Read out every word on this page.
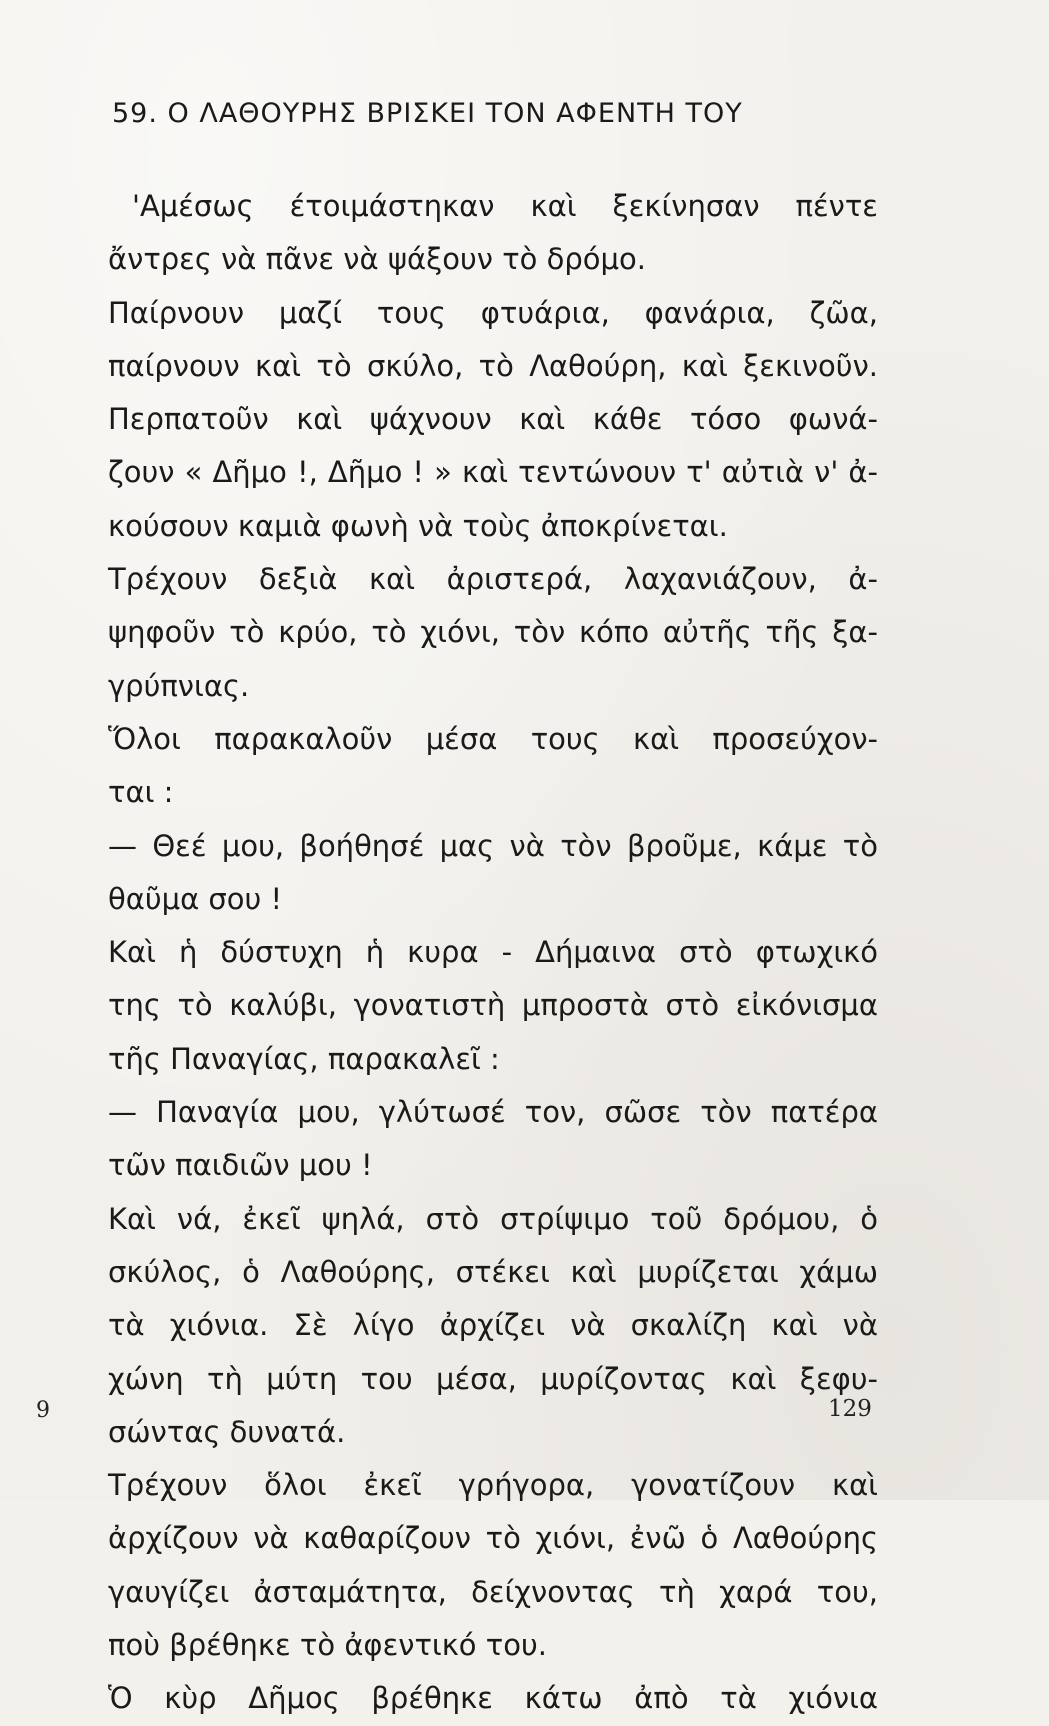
59. Ο ΛΑΘΟΥΡΗΣ ΒΡΙΣΚΕΙ ΤΟΝ ΑΦΕΝΤΗ ΤΟΥ
'Αμέσως έτοιμάστηκαν καὶ ξεκίνησαν πέντε
ἄντρες νὰ πᾶνε νὰ ψάξουν τὸ δρόμο.
Παίρνουν μαζί τους φτυάρια, φανάρια, ζῶα,
παίρνουν καὶ τὸ σκύλο, τὸ Λαθούρη, καὶ ξεκινοῦν.
Περπατοῦν καὶ ψάχνουν καὶ κάθε τόσο φωνά-
ζουν « Δῆμο !, Δῆμο ! » καὶ τεντώνουν τ' αὐτιὰ ν' ἀ-
κούσουν καμιὰ φωνὴ νὰ τοὺς ἀποκρίνεται.
Τρέχουν δεξιὰ καὶ ἀριστερά, λαχανιάζουν, ἀ-
ψηφοῦν τὸ κρύο, τὸ χιόνι, τὸν κόπο αὐτῆς τῆς ξα-
γρύπνιας.
Ὅλοι παρακαλοῦν μέσα τους καὶ προσεύχον-
ται :
— Θεέ μου, βοήθησέ μας νὰ τὸν βροῦμε, κάμε τὸ
θαῦμα σου !
Καὶ ἡ δύστυχη ἡ κυρα - Δήμαινα στὸ φτωχικό
της τὸ καλύβι, γονατιστὴ μπροστὰ στὸ εἰκόνισμα
τῆς Παναγίας, παρακαλεῖ :
— Παναγία μου, γλύτωσέ τον, σῶσε τὸν πατέρα
τῶν παιδιῶν μου !
Καὶ νά, ἐκεῖ ψηλά, στὸ στρίψιμο τοῦ δρόμου, ὁ
σκύλος, ὁ Λαθούρης, στέκει καὶ μυρίζεται χάμω
τὰ χιόνια. Σὲ λίγο ἀρχίζει νὰ σκαλίζη καὶ νὰ
χώνη τὴ μύτη του μέσα, μυρίζοντας καὶ ξεφυ-
σώντας δυνατά.
Τρέχουν ὅλοι ἐκεῖ γρήγορα, γονατίζουν καὶ
ἀρχίζουν νὰ καθαρίζουν τὸ χιόνι, ἐνῶ ὁ Λαθούρης
γαυγίζει ἀσταμάτητα, δείχνοντας τὴ χαρά του,
ποὺ βρέθηκε τὸ ἀφεντικό του.
Ὁ κὺρ Δῆμος βρέθηκε κάτω ἀπὸ τὰ χιόνια
9	129
